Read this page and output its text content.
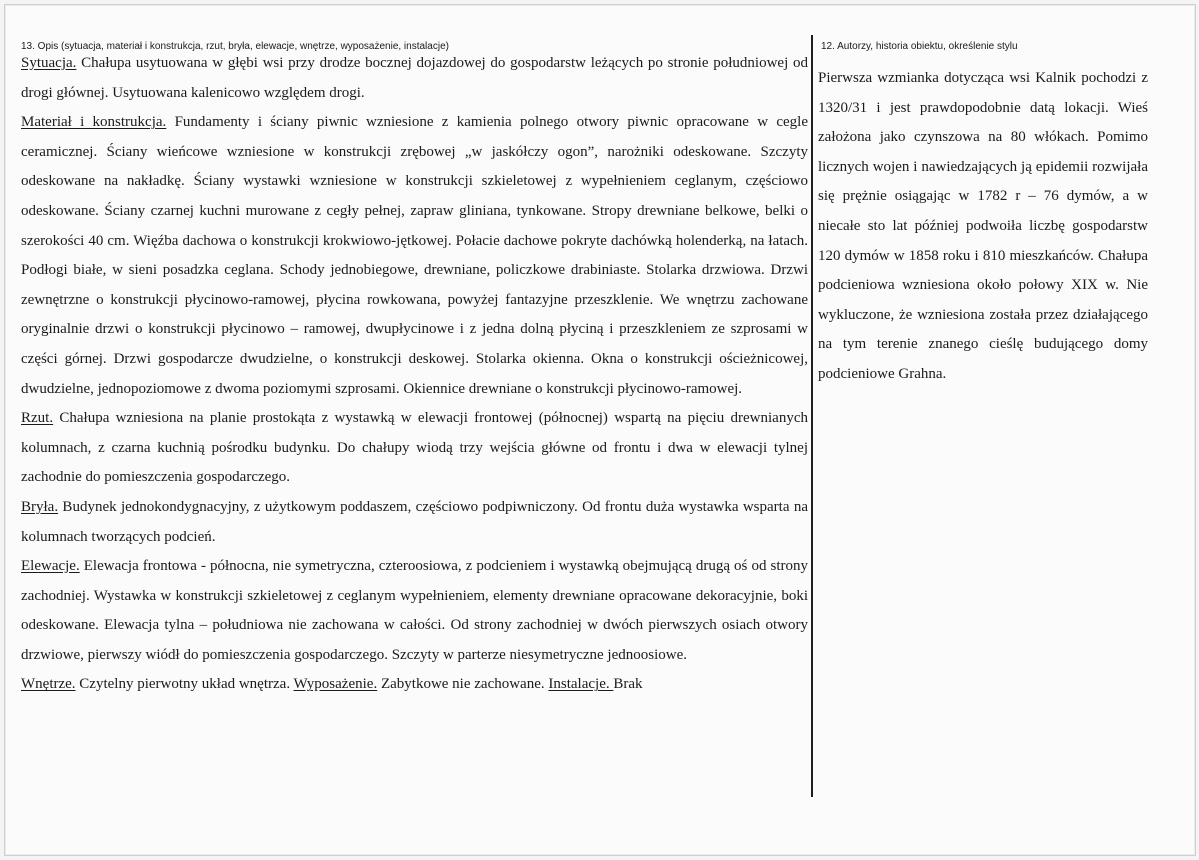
13. Opis (sytuacja, materiał i konstrukcja, rzut, bryła, elewacje, wnętrze, wyposażenie, instalacje)	12. Autorzy, historia obiektu, określenie stylu

Sytuacja. Chałupa usytuowana w głębi wsi przy drodze bocznej dojazdowej do gospodarstw leżących po stronie południowej od drogi głównej. Usytuowana kalenicowo względem drogi.

Materiał i konstrukcja. Fundamenty i ściany piwnic wzniesione z kamienia polnego otwory piwnic opracowane w cegle ceramicznej. Ściany wieńcowe wzniesione w konstrukcji zrębowej „w jaskółczy ogon”, narożniki odeskowane. Szczyty odeskowane na nakładkę. Ściany wystawki wzniesione w konstrukcji szkieletowej z wypełnieniem ceglanym, częściowo odeskowane. Ściany czarnej kuchni murowane z cegły pełnej, zapraw gliniana, tynkowane. Stropy drewniane belkowe, belki o szerokości 40 cm. Więźba dachowa o konstrukcji krokwiowo-jętkowej. Połacie dachowe pokryte dachówką holenderką, na łatach. Podłogi białe, w sieni posadzka ceglana. Schody jednobiegowe, drewniane, policzkowe drabiniaste. Stolarka drzwiowa. Drzwi zewnętrzne o konstrukcji płycinowo-ramowej, płycina rowkowana, powyżej fantazyjne przeszklenie. We wnętrzu zachowane oryginalnie drzwi o konstrukcji płycinowo – ramowej, dwupłycinowe i z jedna dolną płyciną i przeszkleniem ze szprosami w części górnej. Drzwi gospodarcze dwudzielne, o konstrukcji deskowej. Stolarka okienna. Okna o konstrukcji ościeżnicowej, dwudzielne, jednopoziomowe z dwoma poziomymi szprosami. Okiennice drewniane o konstrukcji płycinowo-ramowej.

Rzut. Chałupa wzniesiona na planie prostokąta z wystawką w elewacji frontowej (północnej) wspartą na pięciu drewnianych kolumnach, z czarna kuchnią pośrodku budynku. Do chałupy wiodą trzy wejścia główne od frontu i dwa w elewacji tylnej zachodnie do pomieszczenia gospodarczego.

Bryła. Budynek jednokondygnacyjny, z użytkowym poddaszem, częściowo podpiwniczony. Od frontu duża wystawka wsparta na kolumnach tworzących podcień.

Elewacje. Elewacja frontowa - północna, nie symetryczna, czteroosiowa, z podcieniem i wystawką obejmującą drugą oś od strony zachodniej. Wystawka w konstrukcji szkieletowej z ceglanym wypełnieniem, elementy drewniane opracowane dekoracyjnie, boki odeskowane. Elewacja tylna – południowa nie zachowana w całości. Od strony zachodniej w dwóch pierwszych osiach otwory drzwiowe, pierwszy wiódł do pomieszczenia gospodarczego. Szczyty w parterze niesymetryczne jednoosiowe.

Wnętrze. Czytelny pierwotny układ wnętrza. Wyposażenie. Zabytkowe nie zachowane. Instalacje. Brak

Pierwsza wzmianka dotycząca wsi Kalnik pochodzi z 1320/31 i jest prawdopodobnie datą lokacji. Wieś założona jako czynszowa na 80 włókach. Pomimo licznych wojen i nawiedzających ją epidemii rozwijała się prężnie osiągając w 1782 r – 76 dymów, a w niecałe sto lat później podwoiła liczbę gospodarstw 120 dymów w 1858 roku i 810 mieszkańców. Chałupa podcieniowa wzniesiona około połowy XIX w. Nie wykluczone, że wzniesiona została przez działającego na tym terenie znanego cieślę budującego domy podcieniowe Grahna.
